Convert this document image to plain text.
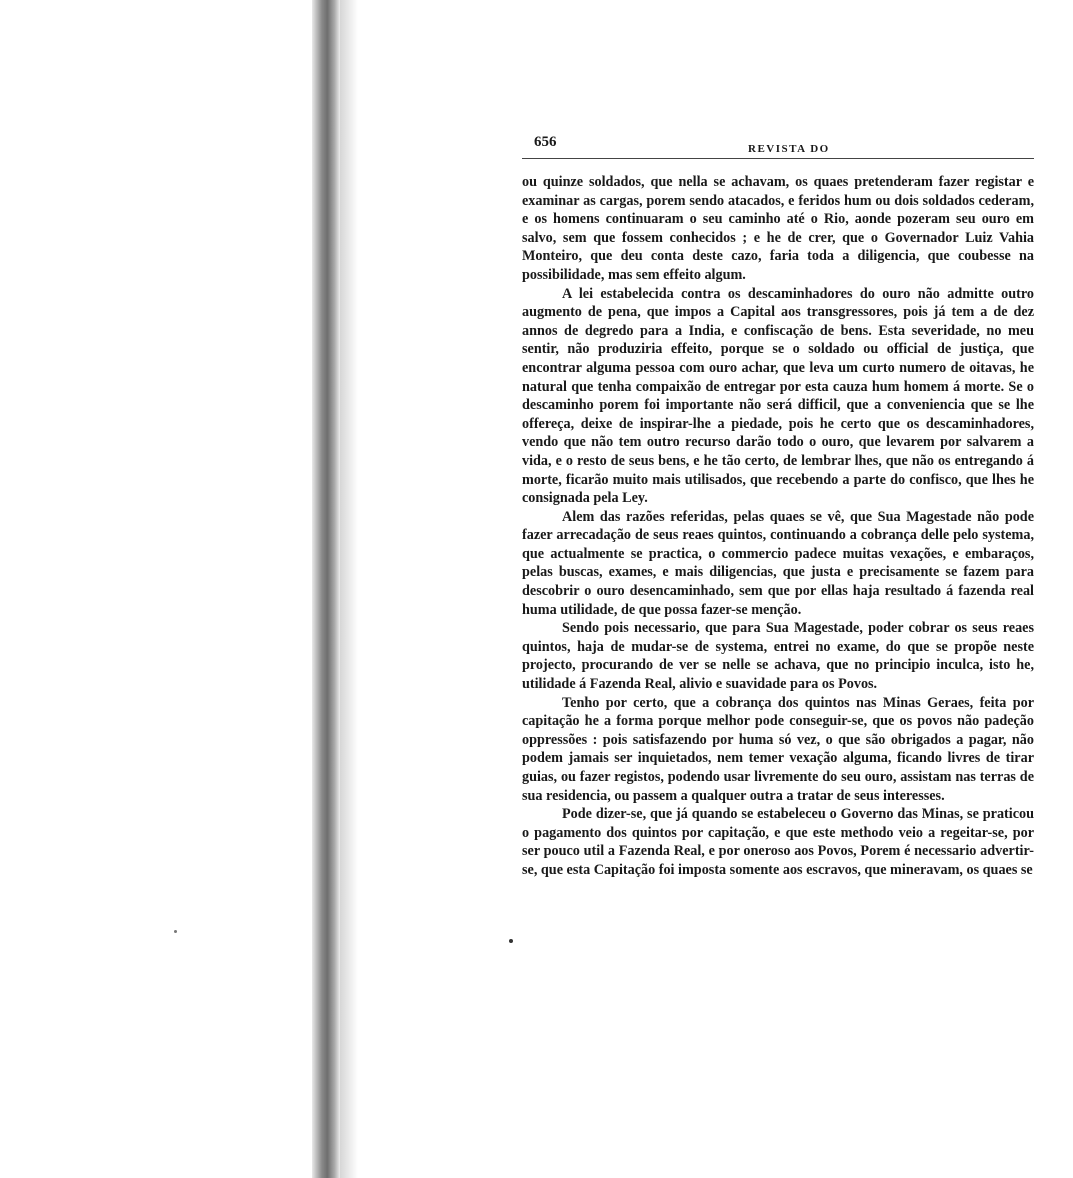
656	REVISTA DO

ou quinze soldados, que nella se achavam, os quaes pretenderam fazer registar e examinar as cargas, porem sendo atacados, e feridos hum ou dois soldados cederam, e os homens continuaram o seu caminho até o Rio, aonde pozeram seu ouro em salvo, sem que fossem conhecidos ; e he de crer, que o Governador Luiz Vahia Monteiro, que deu conta deste cazo, faria toda a diligencia, que coubesse na possibilidade, mas sem effeito algum.

A lei estabelecida contra os descaminhadores do ouro não admitte outro augmento de pena, que impos a Capital aos transgressores, pois já tem a de dez annos de degredo para a India, e confiscação de bens. Esta severidade, no meu sentir, não produziria effeito, porque se o soldado ou official de justiça, que encontrar alguma pessoa com ouro achar, que leva um curto numero de oitavas, he natural que tenha compaixão de entregar por esta cauza hum homem á morte. Se o descaminho porem foi importante não será difficil, que a conveniencia que se lhe offereça, deixe de inspirar-lhe a piedade, pois he certo que os descaminhadores, vendo que não tem outro recurso darão todo o ouro, que levarem por salvarem a vida, e o resto de seus bens, e he tão certo, de lembrar lhes, que não os entregando á morte, ficarão muito mais utilisados, que recebendo a parte do confisco, que lhes he consignada pela Ley.

Alem das razões referidas, pelas quaes se vê, que Sua Magestade não pode fazer arrecadação de seus reaes quintos, continuando a cobrança delle pelo systema, que actualmente se practica, o commercio padece muitas vexações, e embaraços, pelas buscas, exames, e mais diligencias, que justa e precisamente se fazem para descobrir o ouro desencaminhado, sem que por ellas haja resultado á fazenda real huma utilidade, de que possa fazer-se menção.

Sendo pois necessario, que para Sua Magestade, poder cobrar os seus reaes quintos, haja de mudar-se de systema, entrei no exame, do que se propõe neste projecto, procurando de ver se nelle se achava, que no principio inculca, isto he, utilidade á Fazenda Real, alivio e suavidade para os Povos.

Tenho por certo, que a cobrança dos quintos nas Minas Geraes, feita por capitação he a forma porque melhor pode conseguir-se, que os povos não padeção oppressões : pois satisfazendo por huma só vez, o que são obrigados a pagar, não podem jamais ser inquietados, nem temer vexação alguma, ficando livres de tirar guias, ou fazer registos, podendo usar livremente do seu ouro, assistam nas terras de sua residencia, ou passem a qualquer outra a tratar de seus interesses.

Pode dizer-se, que já quando se estabeleceu o Governo das Minas, se praticou o pagamento dos quintos por capitação, e que este methodo veio a regeitar-se, por ser pouco util a Fazenda Real, e por oneroso aos Povos, Porem é necessario advertir-se, que esta Capitação foi imposta somente aos escravos, que mineravam, os quaes se
